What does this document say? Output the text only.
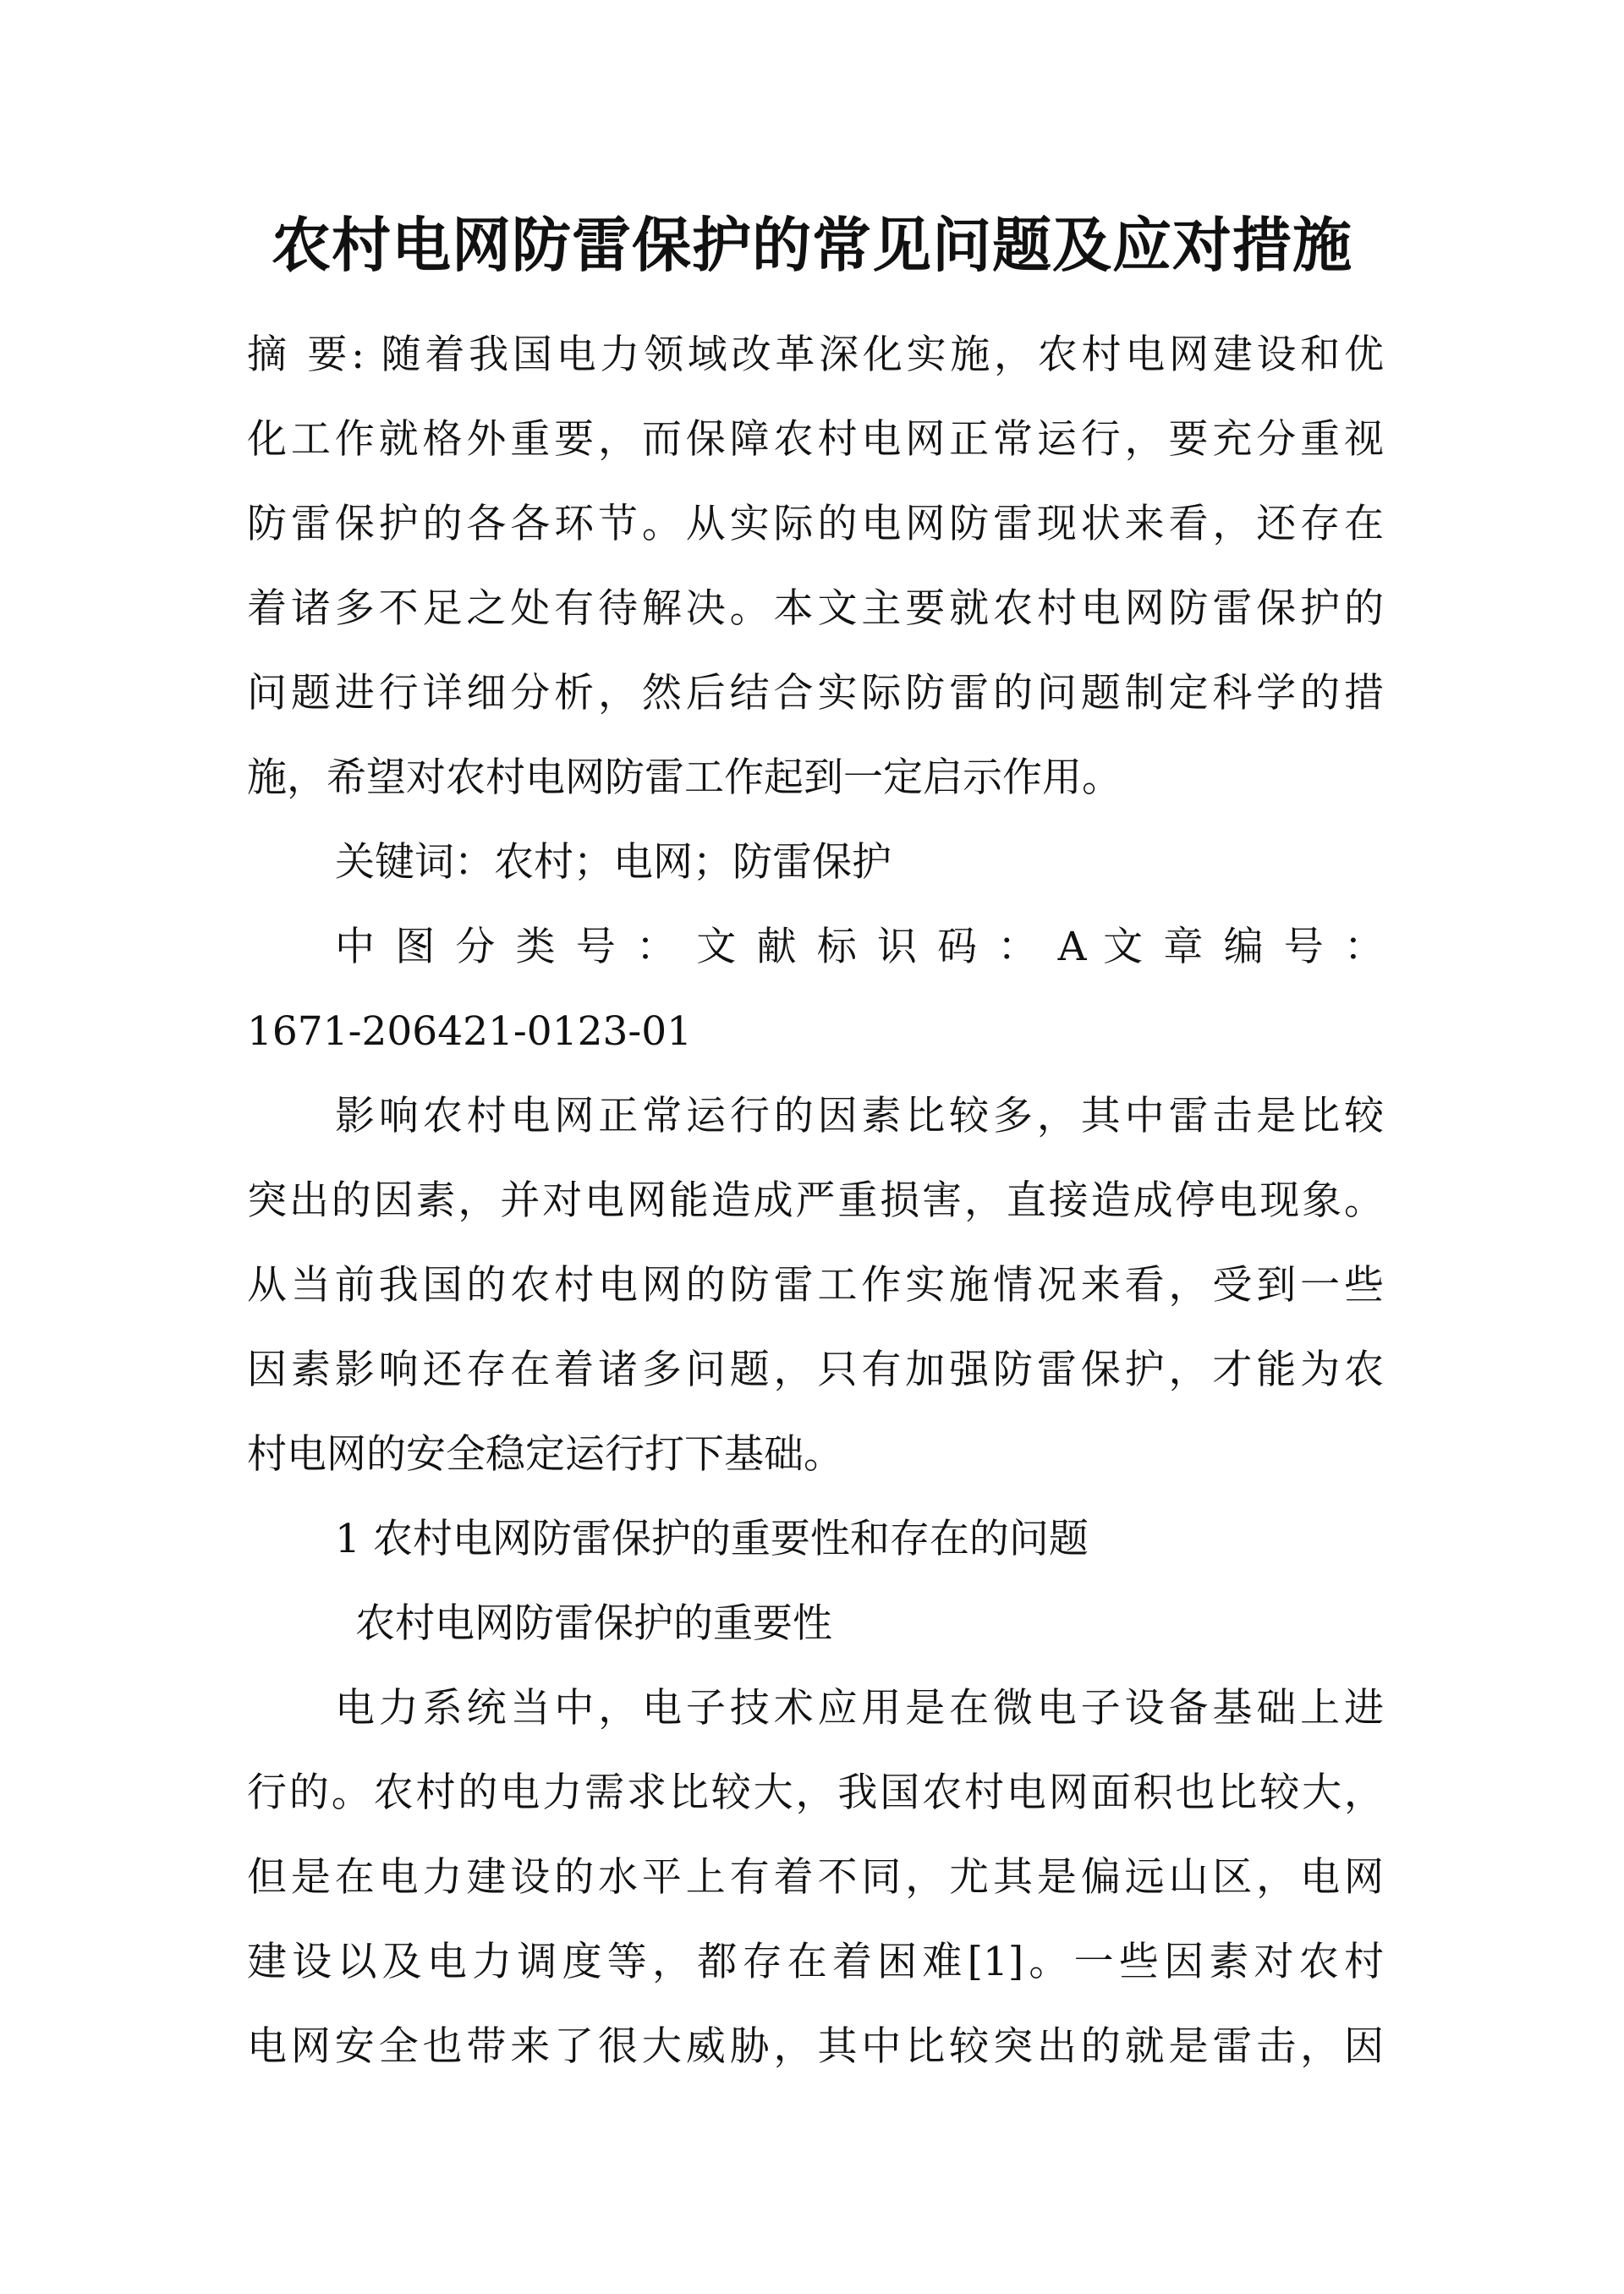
农村电网防雷保护的常见问题及应对措施
摘 要: 随着我国电力领域改革深化实施，农村电网建设和优
化工作就格外重要，而保障农村电网正常运行，要充分重视
防雷保护的各各环节。从实际的电网防雷现状来看，还存在
着诸多不足之处有待解决。本文主要就农村电网防雷保护的
问题进行详细分析，然后结合实际防雷的问题制定科学的措
施，希望对农村电网防雷工作起到一定启示作用。
关键词：农村；电网；防雷保护
中 图 分 类 号 ： 文 献 标 识 码 ： A 文 章 编 号 ：
1671-206421-0123-01
影响农村电网正常运行的因素比较多，其中雷击是比较
突出的因素，并对电网能造成严重损害，直接造成停电现象。
从当前我国的农村电网的防雷工作实施情况来看，受到一些
因素影响还存在着诸多问题，只有加强防雷保护，才能为农
村电网的安全稳定运行打下基础。
1 农村电网防雷保护的重要性和存在的问题
农村电网防雷保护的重要性
电力系统当中，电子技术应用是在微电子设备基础上进
行的。农村的电力需求比较大，我国农村电网面积也比较大，
但是在电力建设的水平上有着不同，尤其是偏远山区，电网
建设以及电力调度等，都存在着困难[1]。一些因素对农村
电网安全也带来了很大威胁，其中比较突出的就是雷击，因
